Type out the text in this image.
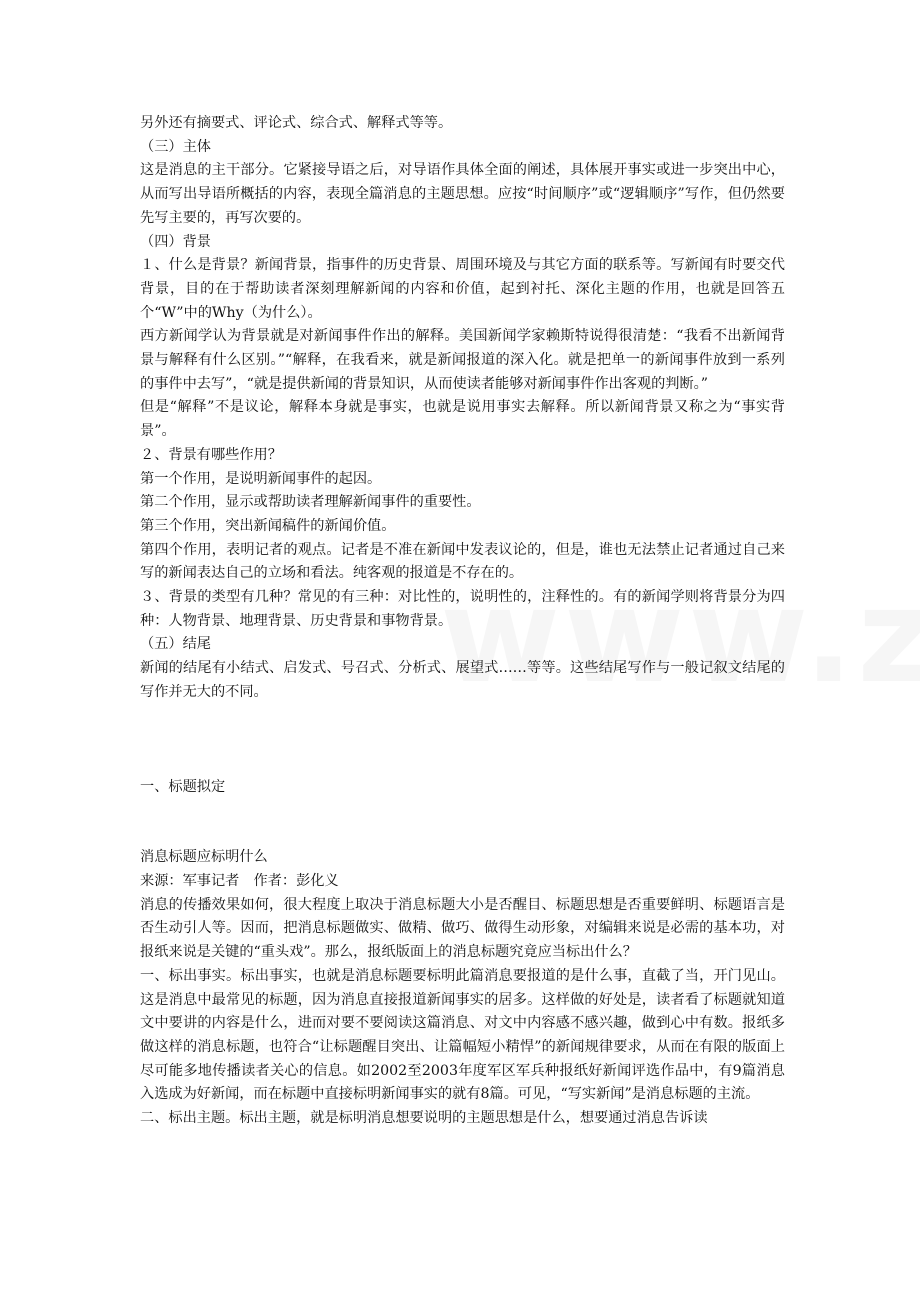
另外还有摘要式、评论式、综合式、解释式等等。

（三）主体

这是消息的主干部分。它紧接导语之后，对导语作具体全面的阐述，具体展开事实或进一步突出中心，从而写出导语所概括的内容，表现全篇消息的主题思想。应按“时间顺序”或“逻辑顺序”写作，但仍然要先写主要的，再写次要的。

（四）背景

１、什么是背景？新闻背景，指事件的历史背景、周围环境及与其它方面的联系等。写新闻有时要交代背景，目的在于帮助读者深刻理解新闻的内容和价值，起到衬托、深化主题的作用，也就是回答五个“W”中的Why（为什么）。

西方新闻学认为背景就是对新闻事件作出的解释。美国新闻学家赖斯特说得很清楚：“我看不出新闻背景与解释有什么区别。”“解释，在我看来，就是新闻报道的深入化。就是把单一的新闻事件放到一系列的事件中去写”，“就是提供新闻的背景知识，从而使读者能够对新闻事件作出客观的判断。”

但是“解释”不是议论，解释本身就是事实，也就是说用事实去解释。所以新闻背景又称之为“事实背景”。

２、背景有哪些作用？

第一个作用，是说明新闻事件的起因。

第二个作用，显示或帮助读者理解新闻事件的重要性。

第三个作用，突出新闻稿件的新闻价值。

第四个作用，表明记者的观点。记者是不准在新闻中发表议论的，但是，谁也无法禁止记者通过自己来写的新闻表达自己的立场和看法。纯客观的报道是不存在的。

３、背景的类型有几种？常见的有三种：对比性的，说明性的，注释性的。有的新闻学则将背景分为四种：人物背景、地理背景、历史背景和事物背景。

（五）结尾

新闻的结尾有小结式、启发式、号召式、分析式、展望式……等等。这些结尾写作与一般记叙文结尾的写作并无大的不同。

一、标题拟定

消息标题应标明什么

来源：军事记者　作者：彭化义

消息的传播效果如何，很大程度上取决于消息标题大小是否醒目、标题思想是否重要鲜明、标题语言是否生动引人等。因而，把消息标题做实、做精、做巧、做得生动形象，对编辑来说是必需的基本功，对报纸来说是关键的“重头戏”。那么，报纸版面上的消息标题究竟应当标出什么？

一、标出事实。标出事实，也就是消息标题要标明此篇消息要报道的是什么事，直截了当，开门见山。这是消息中最常见的标题，因为消息直接报道新闻事实的居多。这样做的好处是，读者看了标题就知道文中要讲的内容是什么，进而对要不要阅读这篇消息、对文中内容感不感兴趣，做到心中有数。报纸多做这样的消息标题，也符合“让标题醒目突出、让篇幅短小精悍”的新闻规律要求，从而在有限的版面上尽可能多地传播读者关心的信息。如2002至2003年度军区军兵种报纸好新闻评选作品中，有9篇消息入选成为好新闻，而在标题中直接标明新闻事实的就有8篇。可见，“写实新闻”是消息标题的主流。

二、标出主题。标出主题，就是标明消息想要说明的主题思想是什么，想要通过消息告诉读
